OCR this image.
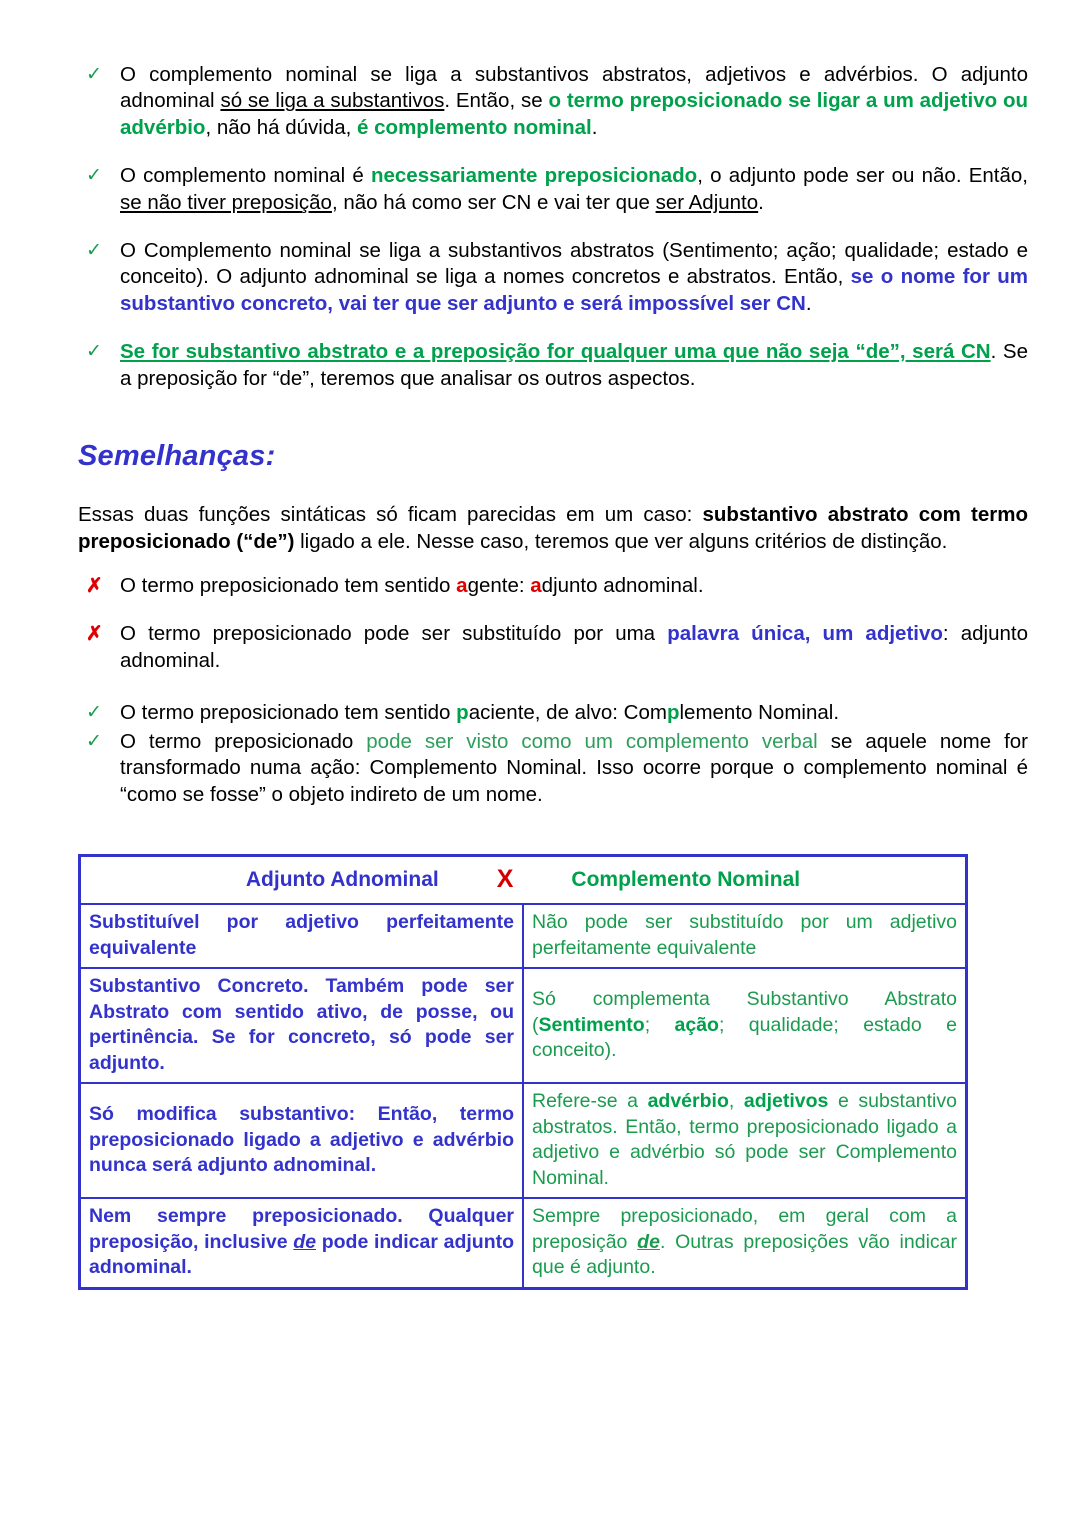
✓ O complemento nominal se liga a substantivos abstratos, adjetivos e advérbios. O adjunto adnominal só se liga a substantivos. Então, se o termo preposicionado se ligar a um adjetivo ou advérbio, não há dúvida, é complemento nominal.
✓ O complemento nominal é necessariamente preposicionado, o adjunto pode ser ou não. Então, se não tiver preposição, não há como ser CN e vai ter que ser Adjunto.
✓ O Complemento nominal se liga a substantivos abstratos (Sentimento; ação; qualidade; estado e conceito). O adjunto adnominal se liga a nomes concretos e abstratos. Então, se o nome for um substantivo concreto, vai ter que ser adjunto e será impossível ser CN.
✓ Se for substantivo abstrato e a preposição for qualquer uma que não seja “de”, será CN. Se a preposição for “de”, teremos que analisar os outros aspectos.
Semelhanças:

Essas duas funções sintáticas só ficam parecidas em um caso: substantivo abstrato com termo preposicionado (“de”) ligado a ele. Nesse caso, teremos que ver alguns critérios de distinção.

✗ O termo preposicionado tem sentido agente: adjunto adnominal.
✗ O termo preposicionado pode ser substituído por uma palavra única, um adjetivo: adjunto adnominal.
✓ O termo preposicionado tem sentido paciente, de alvo: Complemento Nominal.
✓ O termo preposicionado pode ser visto como um complemento verbal se aquele nome for transformado numa ação: Complemento Nominal. Isso ocorre porque o complemento nominal é “como se fosse” o objeto indireto de um nome.
Adjunto Adnominal X Complemento Nominal	

Substituível por adjetivo perfeitamente equivalente	Não pode ser substituído por um adjetivo perfeitamente equivalente
Substantivo Concreto. Também pode ser Abstrato com sentido ativo, de posse, ou pertinência. Se for concreto, só pode ser adjunto.	Só complementa Substantivo Abstrato (Sentimento; ação; qualidade; estado e conceito).
Só modifica substantivo: Então, termo preposicionado ligado a adjetivo e advérbio nunca será adjunto adnominal.	Refere-se a advérbio, adjetivos e substantivo abstratos. Então, termo preposicionado ligado a adjetivo e advérbio só pode ser Complemento Nominal.
Nem sempre preposicionado. Qualquer preposição, inclusive de pode indicar adjunto adnominal.	Sempre preposicionado, em geral com a preposição de. Outras preposições vão indicar que é adjunto.
